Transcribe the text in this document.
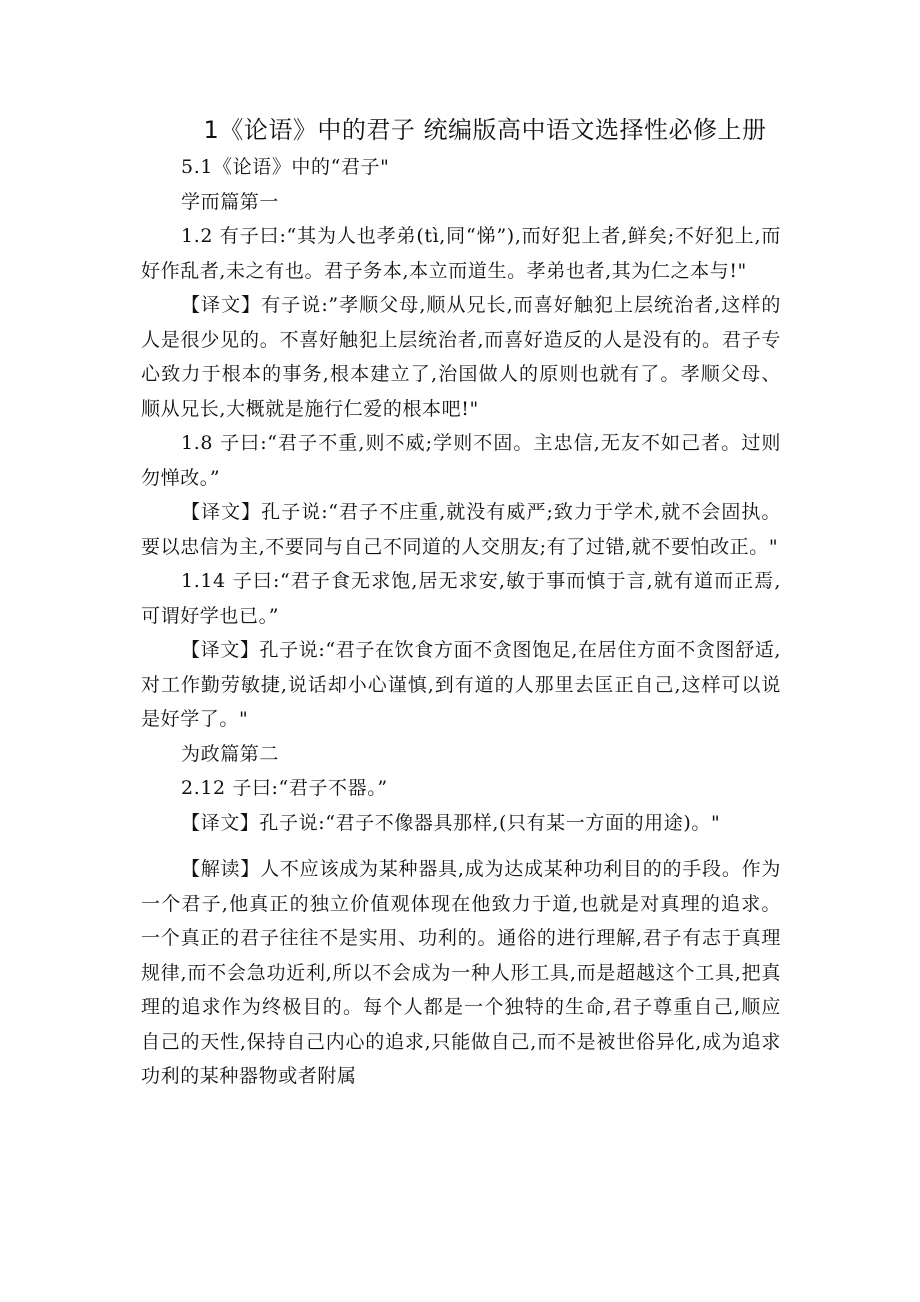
1《论语》中的君子 统编版高中语文选择性必修上册

5.1《论语》中的“君子"

学而篇第一

1.2 有子曰:“其为人也孝弟(tì,同“悌”),而好犯上者,鲜矣;不好犯上,而好作乱者,未之有也。君子务本,本立而道生。孝弟也者,其为仁之本与!"

【译文】有子说:”孝顺父母,顺从兄长,而喜好触犯上层统治者,这样的人是很少见的。不喜好触犯上层统治者,而喜好造反的人是没有的。君子专心致力于根本的事务,根本建立了,治国做人的原则也就有了。孝顺父母、顺从兄长,大概就是施行仁爱的根本吧!"

1.8 子曰:“君子不重,则不威;学则不固。主忠信,无友不如己者。过则勿惮改。”

【译文】孔子说:“君子不庄重,就没有威严;致力于学术,就不会固执。要以忠信为主,不要同与自己不同道的人交朋友;有了过错,就不要怕改正。"

1.14 子曰:“君子食无求饱,居无求安,敏于事而慎于言,就有道而正焉,可谓好学也已。”

【译文】孔子说:“君子在饮食方面不贪图饱足,在居住方面不贪图舒适,对工作勤劳敏捷,说话却小心谨慎,到有道的人那里去匡正自己,这样可以说是好学了。"

为政篇第二

2.12 子曰:“君子不器。”

【译文】孔子说:“君子不像器具那样,(只有某一方面的用途)。"

【解读】人不应该成为某种器具,成为达成某种功利目的的手段。作为一个君子,他真正的独立价值观体现在他致力于道,也就是对真理的追求。一个真正的君子往往不是实用、功利的。通俗的进行理解,君子有志于真理规律,而不会急功近利,所以不会成为一种人形工具,而是超越这个工具,把真理的追求作为终极目的。每个人都是一个独特的生命,君子尊重自己,顺应自己的天性,保持自己内心的追求,只能做自己,而不是被世俗异化,成为追求功利的某种器物或者附属
